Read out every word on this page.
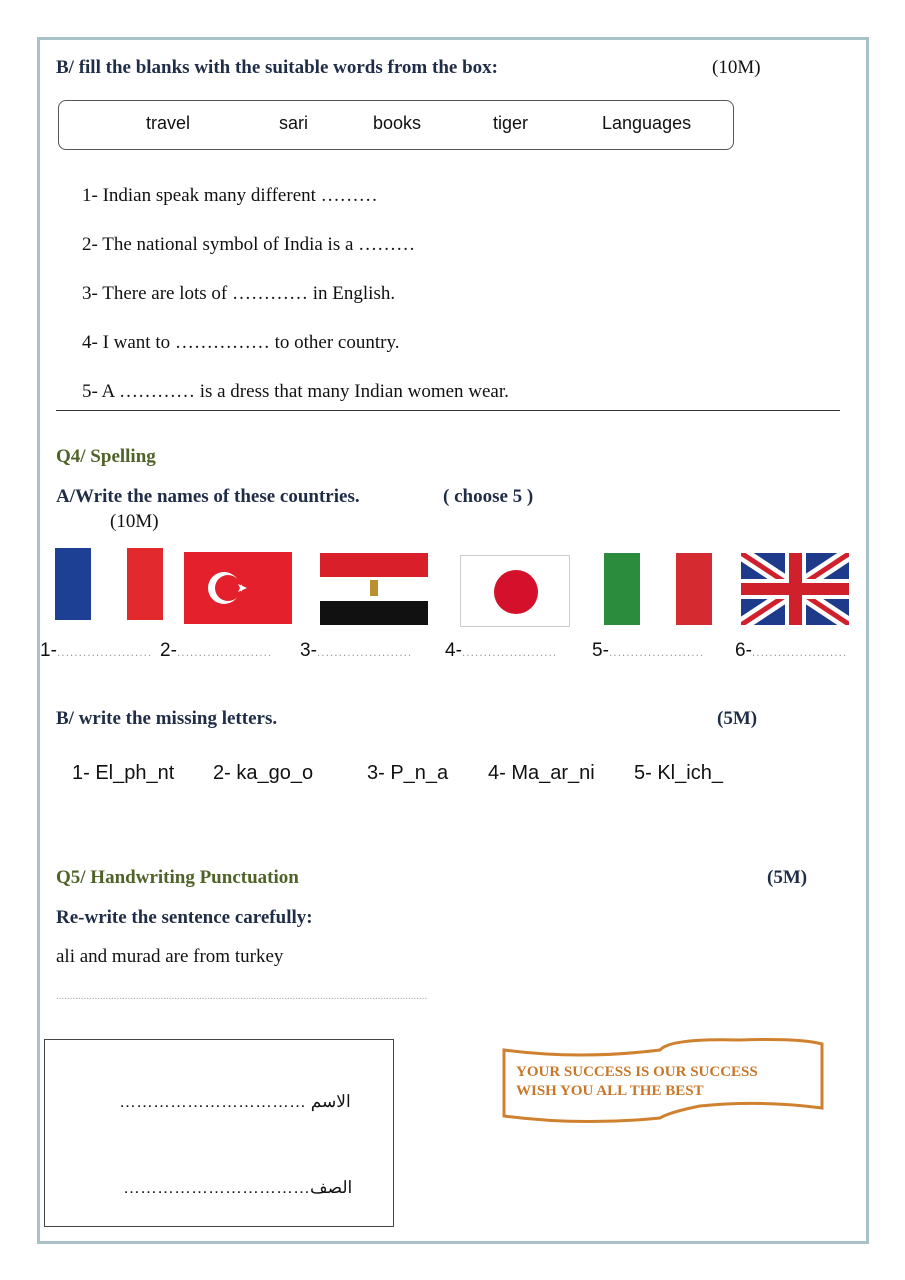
B/ fill the blanks with the suitable words from the box:	(10M)
travel	sari	books	tiger	Languages
1- Indian speak many different ………
2- The national symbol of India is a ………
3- There are lots of ………… in English.
4- I want to …………… to other country.
5- A ………… is a dress that many Indian women wear.
Q4/ Spelling
A/Write the names of these countries.	( choose 5 )
(10M)
1-...................... 2-...................... 3-...................... 4-...................... 5-...................... 6-......................
B/ write the missing letters.	(5M)
1- El_ph_nt 2- ka_go_o	3- P_n_a 4- Ma_ar_ni 5- Kl_ich_
Q5/ Handwriting Punctuation	(5M)
Re-write the sentence carefully:
ali and murad are from turkey
.......................................................................................................................................
…………………………… الاسم
……………………………الصف
YOUR SUCCESS IS OUR SUCCESS
WISH YOU ALL THE BEST
